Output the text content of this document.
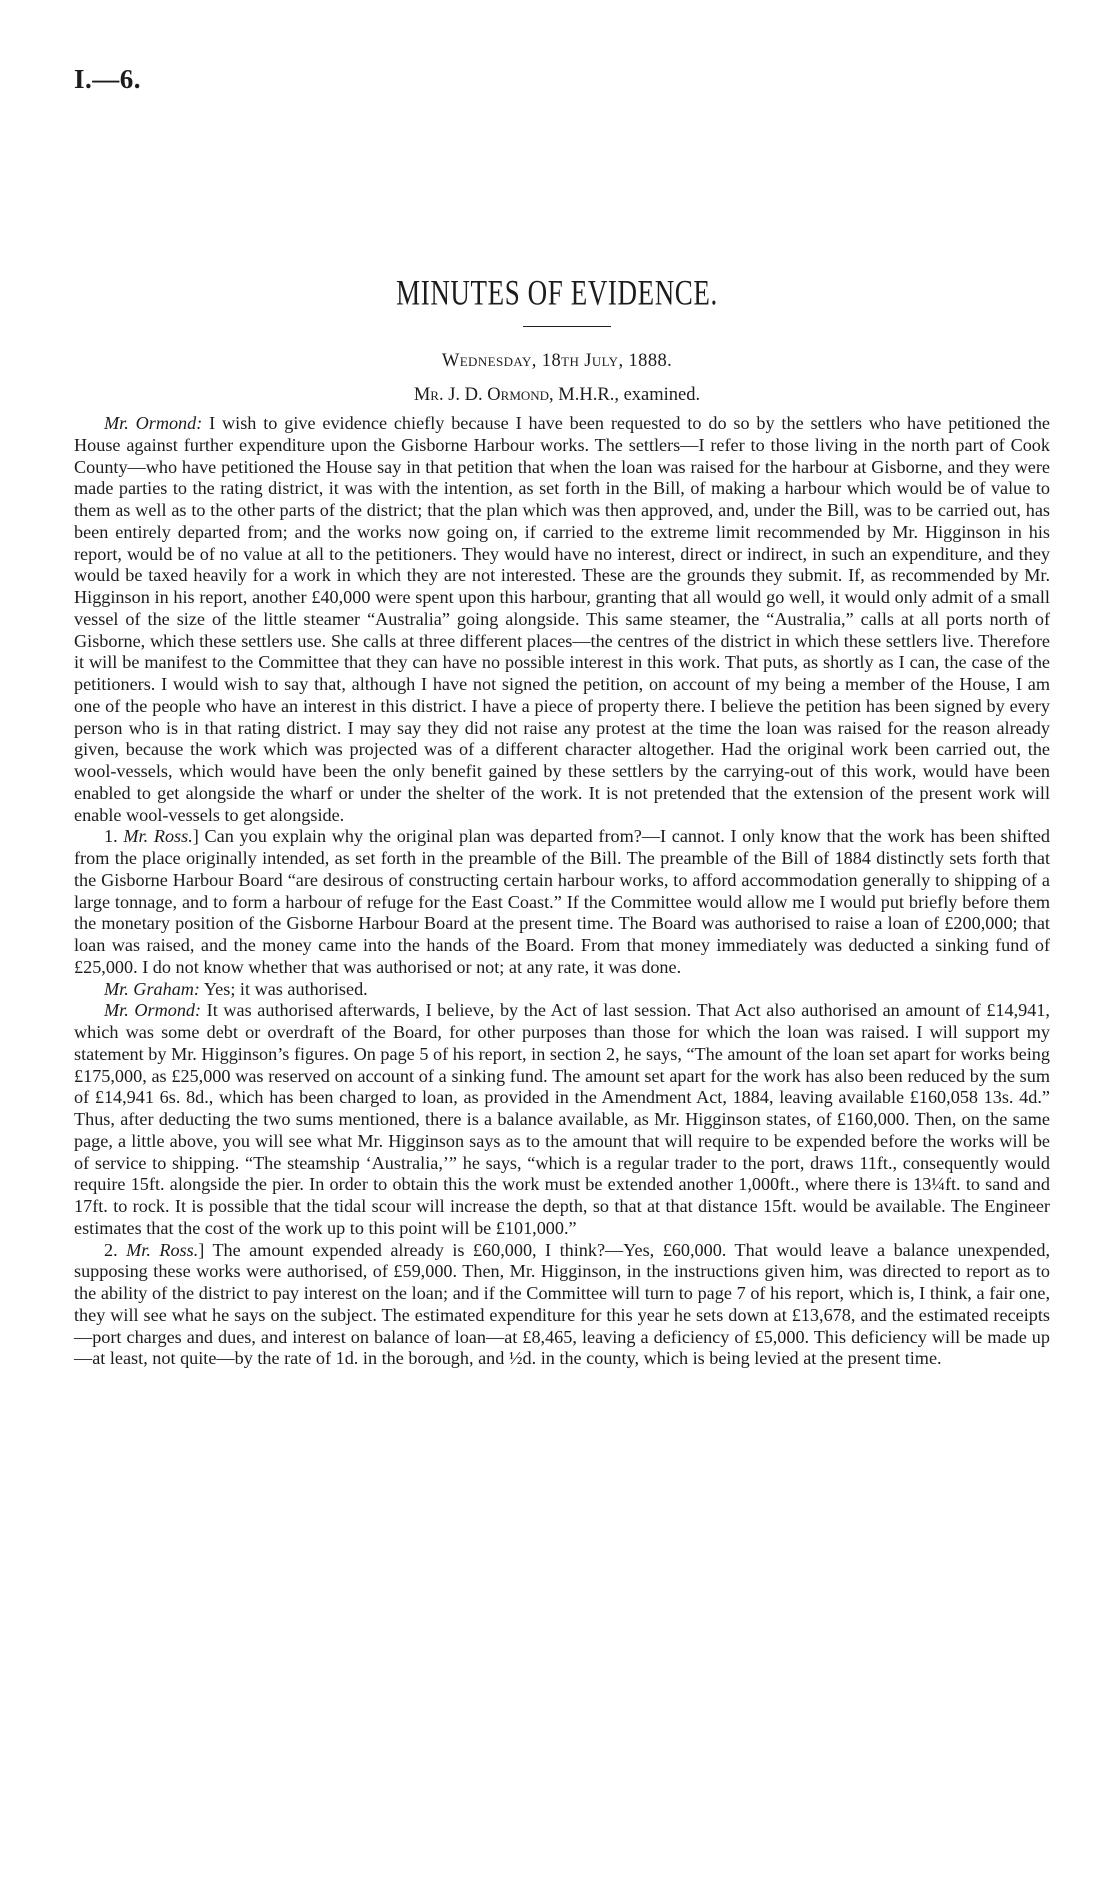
I.—6.
MINUTES OF EVIDENCE.
Wednesday, 18th July, 1888.
Mr. J. D. Ormond, M.H.R., examined.

Mr. Ormond: I wish to give evidence chiefly because I have been requested to do so by the settlers who have petitioned the House against further expenditure upon the Gisborne Harbour works. The settlers—I refer to those living in the north part of Cook County—who have petitioned the House say in that petition that when the loan was raised for the harbour at Gisborne, and they were made parties to the rating district, it was with the intention, as set forth in the Bill, of making a harbour which would be of value to them as well as to the other parts of the district; that the plan which was then approved, and, under the Bill, was to be carried out, has been entirely departed from; and the works now going on, if carried to the extreme limit recommended by Mr. Higginson in his report, would be of no value at all to the petitioners. They would have no interest, direct or indirect, in such an expenditure, and they would be taxed heavily for a work in which they are not interested. These are the grounds they submit. If, as recommended by Mr. Higginson in his report, another £40,000 were spent upon this harbour, granting that all would go well, it would only admit of a small vessel of the size of the little steamer “Australia” going alongside. This same steamer, the “Australia,” calls at all ports north of Gisborne, which these settlers use. She calls at three different places—the centres of the district in which these settlers live. Therefore it will be manifest to the Committee that they can have no possible interest in this work. That puts, as shortly as I can, the case of the petitioners. I would wish to say that, although I have not signed the petition, on account of my being a member of the House, I am one of the people who have an interest in this district. I have a piece of property there. I believe the petition has been signed by every person who is in that rating district. I may say they did not raise any protest at the time the loan was raised for the reason already given, because the work which was projected was of a different character altogether. Had the original work been carried out, the wool-vessels, which would have been the only benefit gained by these settlers by the carrying-out of this work, would have been enabled to get alongside the wharf or under the shelter of the work. It is not pretended that the extension of the present work will enable wool-vessels to get alongside.

1. Mr. Ross.] Can you explain why the original plan was departed from?—I cannot. I only know that the work has been shifted from the place originally intended, as set forth in the preamble of the Bill. The preamble of the Bill of 1884 distinctly sets forth that the Gisborne Harbour Board “are desirous of constructing certain harbour works, to afford accommodation generally to shipping of a large tonnage, and to form a harbour of refuge for the East Coast.” If the Committee would allow me I would put briefly before them the monetary position of the Gisborne Harbour Board at the present time. The Board was authorised to raise a loan of £200,000; that loan was raised, and the money came into the hands of the Board. From that money immediately was deducted a sinking fund of £25,000. I do not know whether that was authorised or not; at any rate, it was done.

Mr. Graham: Yes; it was authorised.

Mr. Ormond: It was authorised afterwards, I believe, by the Act of last session. That Act also authorised an amount of £14,941, which was some debt or overdraft of the Board, for other purposes than those for which the loan was raised. I will support my statement by Mr. Higginson’s figures. On page 5 of his report, in section 2, he says, “The amount of the loan set apart for works being £175,000, as £25,000 was reserved on account of a sinking fund. The amount set apart for the work has also been reduced by the sum of £14,941 6s. 8d., which has been charged to loan, as provided in the Amendment Act, 1884, leaving available £160,058 13s. 4d.” Thus, after deducting the two sums mentioned, there is a balance available, as Mr. Higginson states, of £160,000. Then, on the same page, a little above, you will see what Mr. Higginson says as to the amount that will require to be expended before the works will be of service to shipping. “The steamship ‘Australia,’” he says, “which is a regular trader to the port, draws 11ft., consequently would require 15ft. alongside the pier. In order to obtain this the work must be extended another 1,000ft., where there is 13¼ft. to sand and 17ft. to rock. It is possible that the tidal scour will increase the depth, so that at that distance 15ft. would be available. The Engineer estimates that the cost of the work up to this point will be £101,000.”

2. Mr. Ross.] The amount expended already is £60,000, I think?—Yes, £60,000. That would leave a balance unexpended, supposing these works were authorised, of £59,000. Then, Mr. Higginson, in the instructions given him, was directed to report as to the ability of the district to pay interest on the loan; and if the Committee will turn to page 7 of his report, which is, I think, a fair one, they will see what he says on the subject. The estimated expenditure for this year he sets down at £13,678, and the estimated receipts—port charges and dues, and interest on balance of loan—at £8,465, leaving a deficiency of £5,000. This deficiency will be made up—at least, not quite—by the rate of 1d. in the borough, and ½d. in the county, which is being levied at the present time.
